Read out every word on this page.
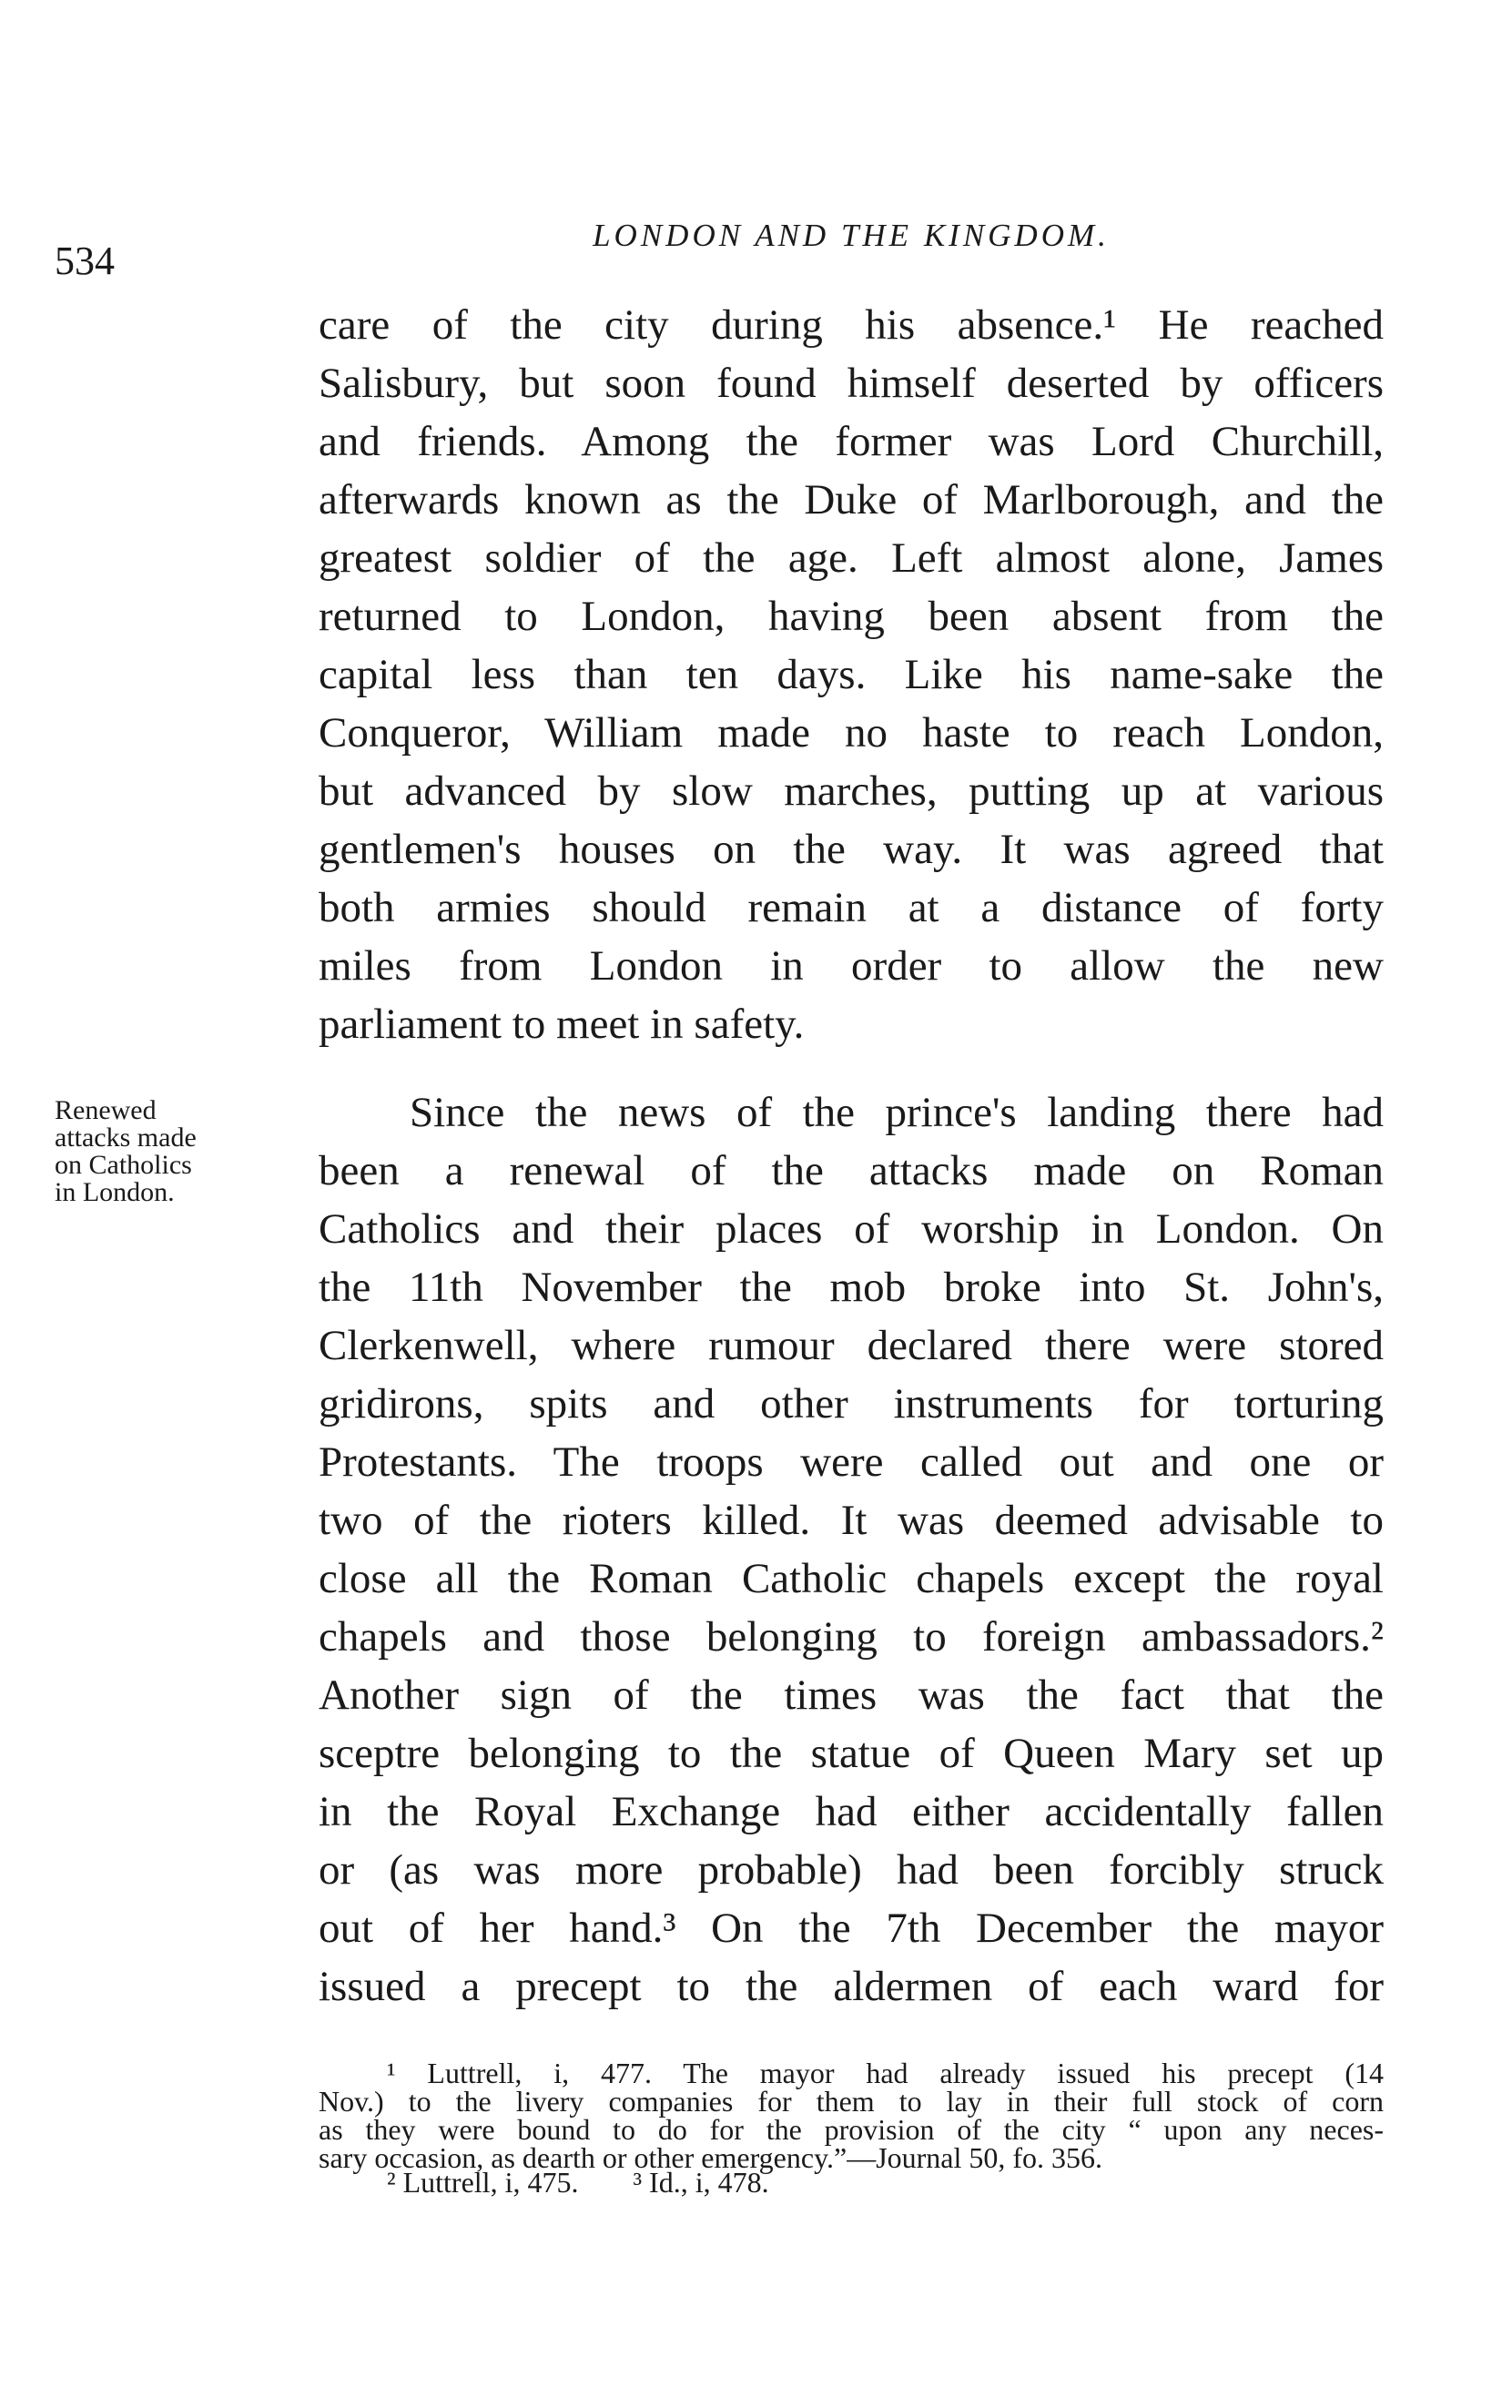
534
LONDON AND THE KINGDOM.
care of the city during his absence.¹ He reached
Salisbury, but soon found himself deserted by officers
and friends. Among the former was Lord Churchill,
afterwards known as the Duke of Marlborough, and the
greatest soldier of the age. Left almost alone, James
returned to London, having been absent from the
capital less than ten days. Like his name-sake the
Conqueror, William made no haste to reach London,
but advanced by slow marches, putting up at various
gentlemen's houses on the way. It was agreed that
both armies should remain at a distance of forty
miles from London in order to allow the new
parliament to meet in safety.
Renewed
attacks made
on Catholics
in London.
Since the news of the prince's landing there had
been a renewal of the attacks made on Roman
Catholics and their places of worship in London. On
the 11th November the mob broke into St. John's,
Clerkenwell, where rumour declared there were stored
gridirons, spits and other instruments for torturing
Protestants. The troops were called out and one or
two of the rioters killed. It was deemed advisable to
close all the Roman Catholic chapels except the royal
chapels and those belonging to foreign ambassadors.²
Another sign of the times was the fact that the
sceptre belonging to the statue of Queen Mary set up
in the Royal Exchange had either accidentally fallen
or (as was more probable) had been forcibly struck
out of her hand.³ On the 7th December the mayor
issued a precept to the aldermen of each ward for
¹ Luttrell, i, 477. The mayor had already issued his precept (14
Nov.) to the livery companies for them to lay in their full stock of corn
as they were bound to do for the provision of the city “ upon any neces-
sary occasion, as dearth or other emergency.”—Journal 50, fo. 356.
² Luttrell, i, 475. ³ Id., i, 478.
